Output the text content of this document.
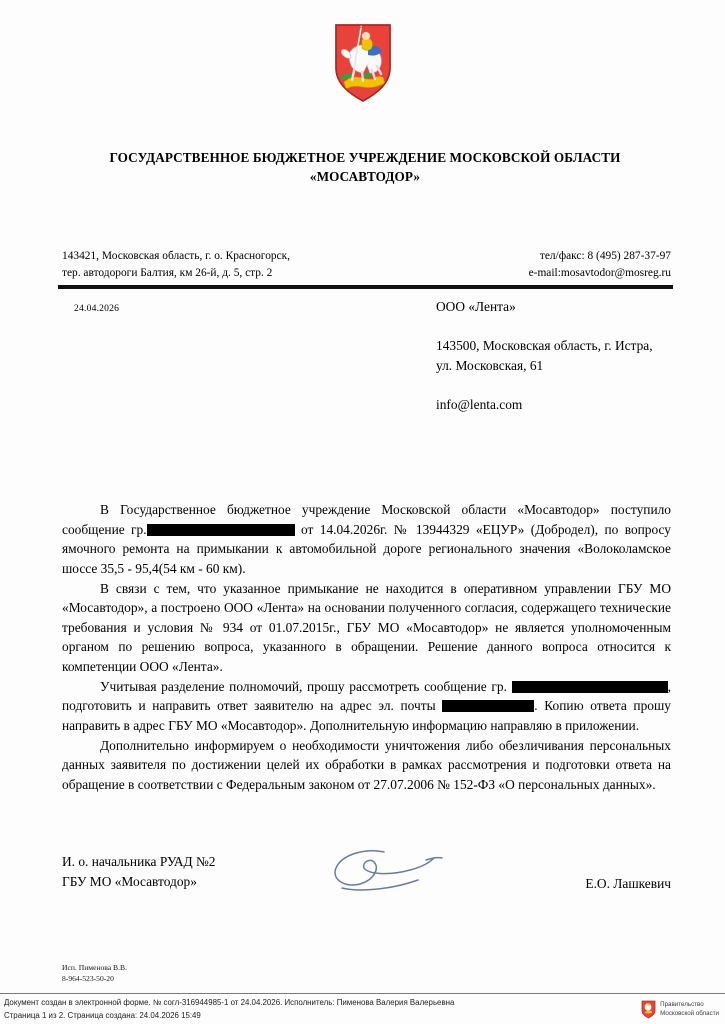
ГОСУДАРСТВЕННОЕ БЮДЖЕТНОЕ УЧРЕЖДЕНИЕ МОСКОВСКОЙ ОБЛАСТИ
«МОСАВТОДОР»
143421, Московская область, г. о. Красногорск,
тер. автодороги Балтия, км 26-й, д. 5, стр. 2
тел/факс: 8 (495) 287-37-97
e-mail:mosavtodor@mosreg.ru
24.04.2026	ООО «Лента»
143500, Московская область, г. Истра,
ул. Московская, 61
info@lenta.com

В Государственное бюджетное учреждение Московской области «Мосавтодор» поступило сообщение гр.	от 14.04.2026г. № 13944329 «ЕЦУР» (Добродел), по вопросу ямочного ремонта на примыкании к автомобильной дороге регионального значения «Волоколамское шоссе 35,5 - 95,4(54 км - 60 км).

В связи с тем, что указанное примыкание не находится в оперативном управлении ГБУ МО «Мосавтодор», а построено ООО «Лента» на основании полученного согласия, содержащего технические требования и условия № 934 от 01.07.2015г., ГБУ МО «Мосавтодор» не является уполномоченным органом по решению вопроса, указанного в обращении. Решение данного вопроса относится к компетенции ООО «Лента».

Учитывая разделение полномочий, прошу рассмотреть сообщение гр.	, подготовить и направить ответ заявителю на адрес эл. почты	. Копию ответа прошу направить в адрес ГБУ МО «Мосавтодор». Дополнительную информацию направляю в приложении.

Дополнительно информируем о необходимости уничтожения либо обезличивания персональных данных заявителя по достижении целей их обработки в рамках рассмотрения и подготовки ответа на обращение в соответствии с Федеральным законом от 27.07.2006 № 152-ФЗ «О персональных данных».

И. о. начальника РУАД №2
ГБУ МО «Мосавтодор»	Е.О. Лашкевич
Исп. Пименова В.В.
8-964-523-50-20
Документ создан в электронной форме. № согл-316944985-1 от 24.04.2026. Исполнитель: Пименова Валерия Валерьевна
Страница 1 из 2. Страница создана: 24.04.2026 15:49
Правительство
Московской области
